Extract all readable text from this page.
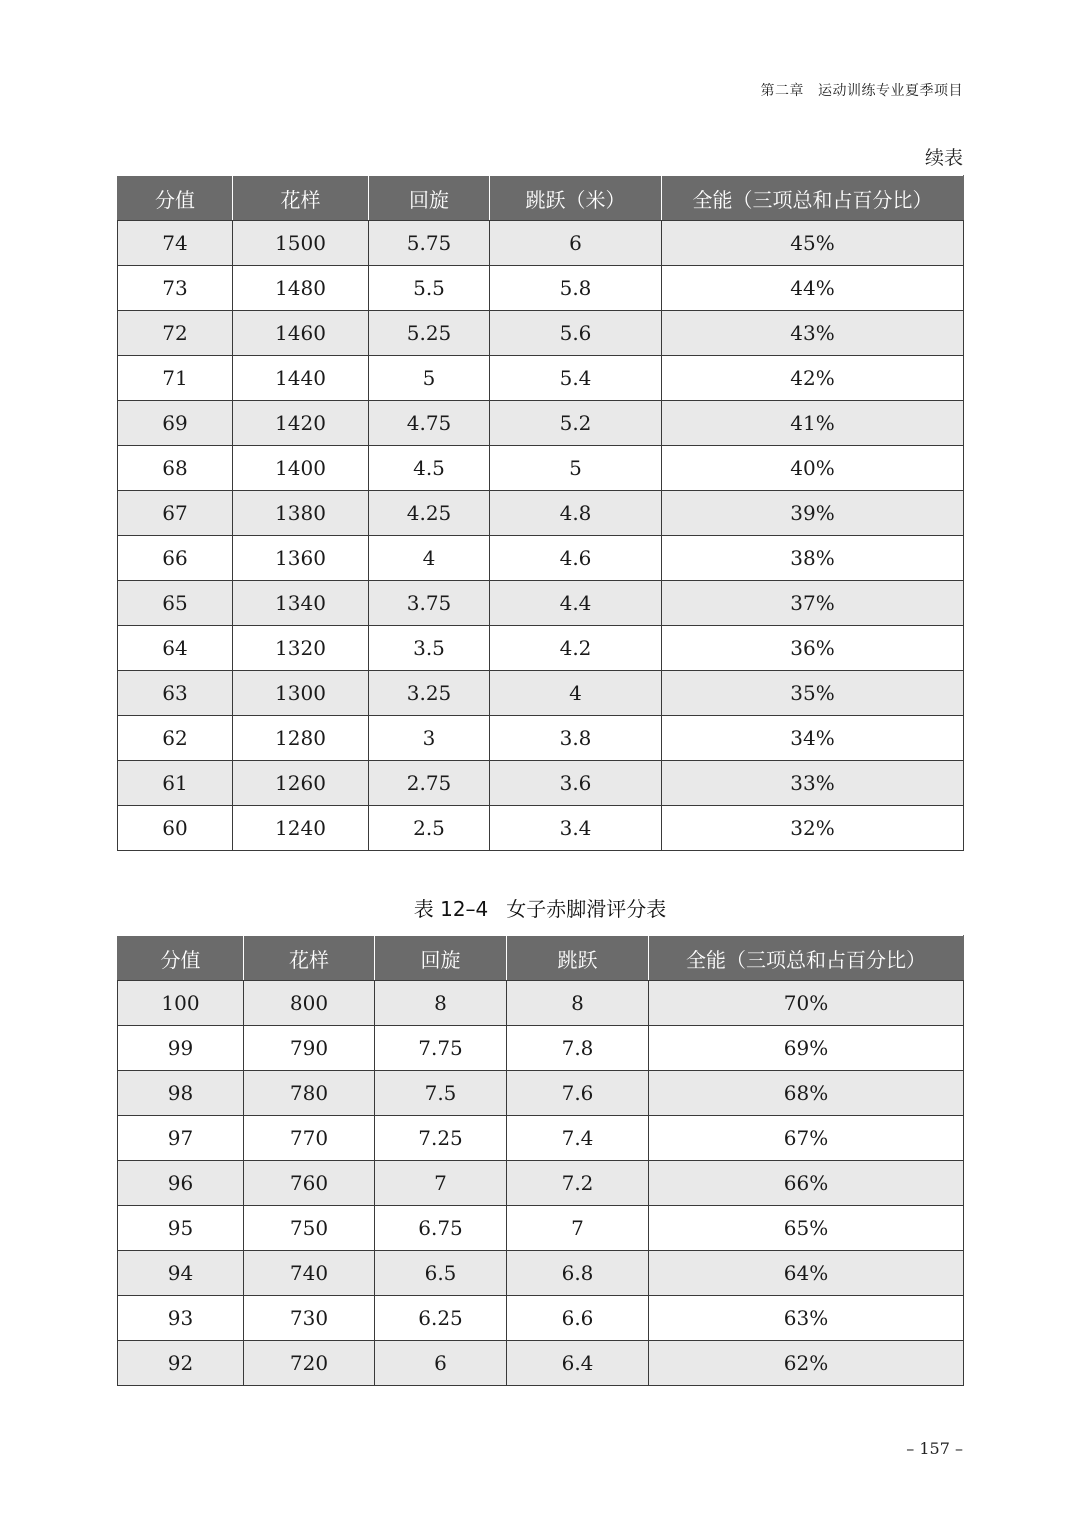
第二章 运动训练专业夏季项目
续表
分值	花样	回旋	跳跃（米）	全能（三项总和占百分比）
74	1500	5.75	6	45%
73	1480	5.5	5.8	44%
72	1460	5.25	5.6	43%
71	1440	5	5.4	42%
69	1420	4.75	5.2	41%
68	1400	4.5	5	40%
67	1380	4.25	4.8	39%
66	1360	4	4.6	38%
65	1340	3.75	4.4	37%
64	1320	3.5	4.2	36%
63	1300	3.25	4	35%
62	1280	3	3.8	34%
61	1260	2.75	3.6	33%
60	1240	2.5	3.4	32%
表 12–4 女子赤脚滑评分表
分值	花样	回旋	跳跃	全能（三项总和占百分比）
100	800	8	8	70%
99	790	7.75	7.8	69%
98	780	7.5	7.6	68%
97	770	7.25	7.4	67%
96	760	7	7.2	66%
95	750	6.75	7	65%
94	740	6.5	6.8	64%
93	730	6.25	6.6	63%
92	720	6	6.4	62%
– 157 –
